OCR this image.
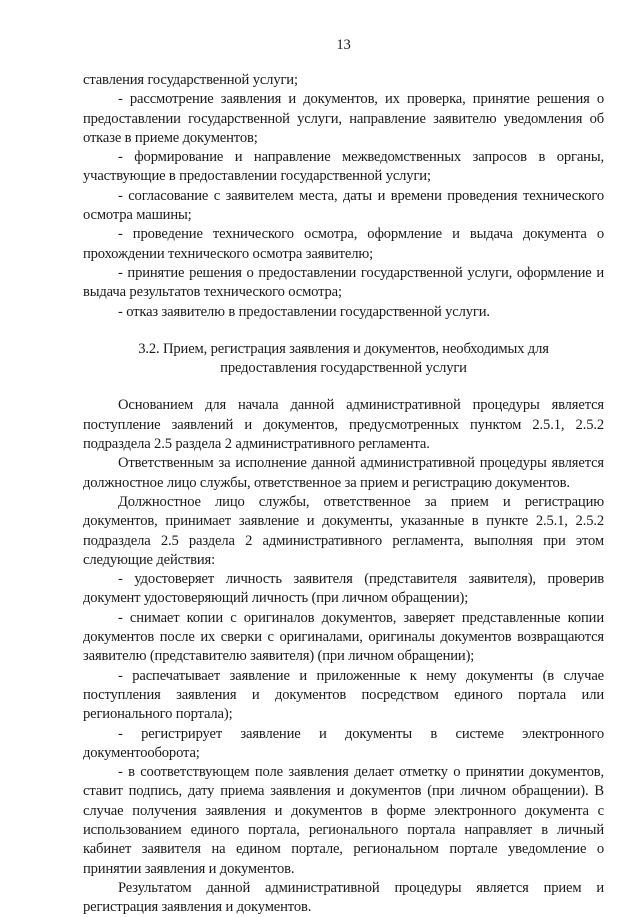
13

ставления государственной услуги;

- рассмотрение заявления и документов, их проверка, принятие решения о предоставлении государственной услуги, направление заявителю уведомления об отказе в приеме документов;

- формирование и направление межведомственных запросов в органы, участвующие в предоставлении государственной услуги;

- согласование с заявителем места, даты и времени проведения технического осмотра машины;

- проведение технического осмотра, оформление и выдача документа о прохождении технического осмотра заявителю;

- принятие решения о предоставлении государственной услуги, оформление и выдача результатов технического осмотра;

- отказ заявителю в предоставлении государственной услуги.

3.2. Прием, регистрация заявления и документов, необходимых для предоставления государственной услуги

Основанием для начала данной административной процедуры является поступление заявлений и документов, предусмотренных пунктом 2.5.1, 2.5.2 подраздела 2.5 раздела 2 административного регламента.

Ответственным за исполнение данной административной процедуры является должностное лицо службы, ответственное за прием и регистрацию документов.

Должностное лицо службы, ответственное за прием и регистрацию документов, принимает заявление и документы, указанные в пункте 2.5.1, 2.5.2 подраздела 2.5 раздела 2 административного регламента, выполняя при этом следующие действия:

- удостоверяет личность заявителя (представителя заявителя), проверив документ удостоверяющий личность (при личном обращении);

- снимает копии с оригиналов документов, заверяет представленные копии документов после их сверки с оригиналами, оригиналы документов возвращаются заявителю (представителю заявителя) (при личном обращении);

- распечатывает заявление и приложенные к нему документы (в случае поступления заявления и документов посредством единого портала или регионального портала);

- регистрирует заявление и документы в системе электронного документооборота;

- в соответствующем поле заявления делает отметку о принятии документов, ставит подпись, дату приема заявления и документов (при личном обращении). В случае получения заявления и документов в форме электронного документа с использованием единого портала, регионального портала направляет в личный кабинет заявителя на едином портале, региональном портале уведомление о принятии заявления и документов.

Результатом данной административной процедуры является прием и регистрация заявления и документов.
